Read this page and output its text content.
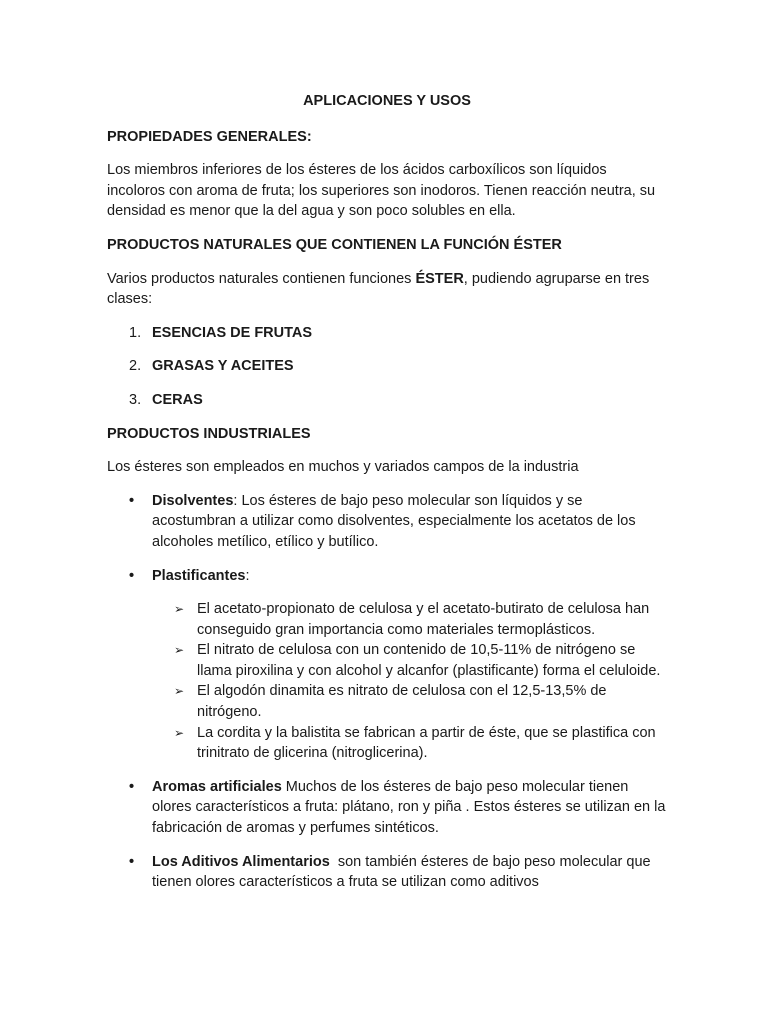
APLICACIONES Y USOS
PROPIEDADES GENERALES:

Los miembros inferiores de los ésteres de los ácidos carboxílicos son líquidos incoloros con aroma de fruta; los superiores son inodoros. Tienen reacción neutra, su densidad es menor que la del agua y son poco solubles en ella.

PRODUCTOS NATURALES QUE CONTIENEN LA FUNCIÓN ÉSTER

Varios productos naturales contienen funciones ÉSTER, pudiendo agruparse en tres clases:

1. ESENCIAS DE FRUTAS
2. GRASAS Y ACEITES
3. CERAS
PRODUCTOS INDUSTRIALES

Los ésteres son empleados en muchos y variados campos de la industria

• Disolventes: Los ésteres de bajo peso molecular son líquidos y se acostumbran a utilizar como disolventes, especialmente los acetatos de los alcoholes metílico, etílico y butílico.
• Plastificantes:
➢ El acetato-propionato de celulosa y el acetato-butirato de celulosa han conseguido gran importancia como materiales termoplásticos.
➢ El nitrato de celulosa con un contenido de 10,5-11% de nitrógeno se llama piroxilina y con alcohol y alcanfor (plastificante) forma el celuloide.
➢ El algodón dinamita es nitrato de celulosa con el 12,5-13,5% de nitrógeno.
➢ La cordita y la balistita se fabrican a partir de éste, que se plastifica con trinitrato de glicerina (nitroglicerina).
• Aromas artificiales Muchos de los ésteres de bajo peso molecular tienen olores característicos a fruta: plátano, ron y piña . Estos ésteres se utilizan en la fabricación de aromas y perfumes sintéticos.
• Los Aditivos Alimentarios  son también ésteres de bajo peso molecular que tienen olores característicos a fruta se utilizan como aditivos
